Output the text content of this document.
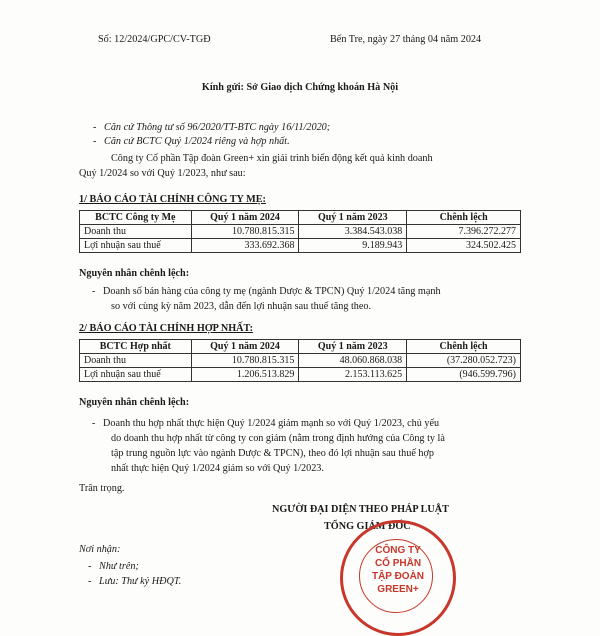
Số: 12/2024/GPC/CV-TGĐ	Bến Tre, ngày 27 tháng 04 năm 2024
Kính gửi: Sở Giao dịch Chứng khoán Hà Nội
-   Căn cứ Thông tư số 96/2020/TT-BTC ngày 16/11/2020;
-   Căn cứ BCTC Quý 1/2024 riêng và hợp nhất.
Công ty Cổ phần Tập đoàn Green+ xin giải trình biến động kết quả kinh doanh
Quý 1/2024 so với Quý 1/2023, như sau:
1/ BÁO CÁO TÀI CHÍNH CÔNG TY MẸ:
BCTC Công ty Mẹ	Quý 1 năm 2024	Quý 1 năm 2023	Chênh lệch
Doanh thu	10.780.815.315	3.384.543.038	7.396.272.277
Lợi nhuận sau thuế	333.692.368	9.189.943	324.502.425
Nguyên nhân chênh lệch:
-   Doanh số bán hàng của công ty mẹ (ngành Dược & TPCN) Quý 1/2024 tăng mạnh
so với cùng kỳ năm 2023, dẫn đến lợi nhuận sau thuế tăng theo.
2/ BÁO CÁO TÀI CHÍNH HỢP NHẤT:
BCTC Hợp nhất	Quý 1 năm 2024	Quý 1 năm 2023	Chênh lệch
Doanh thu	10.780.815.315	48.060.868.038	(37.280.052.723)
Lợi nhuận sau thuế	1.206.513.829	2.153.113.625	(946.599.796)
Nguyên nhân chênh lệch:
-   Doanh thu hợp nhất thực hiện Quý 1/2024 giảm mạnh so với Quý 1/2023, chủ yếu
do doanh thu hợp nhất từ công ty con giảm (nằm trong định hướng của Công ty là
tập trung nguồn lực vào ngành Dược & TPCN), theo đó lợi nhuận sau thuế hợp
nhất thực hiện Quý 1/2024 giảm so với Quý 1/2023.
Trân trọng.
NGƯỜI ĐẠI DIỆN THEO PHÁP LUẬT
TỔNG GIÁM ĐỐC
CÔNG TY
CỔ PHẦN
TẬP ĐOÀN
GREEN+
Nơi nhận:
-   Như trên;
-   Lưu: Thư ký HĐQT.
